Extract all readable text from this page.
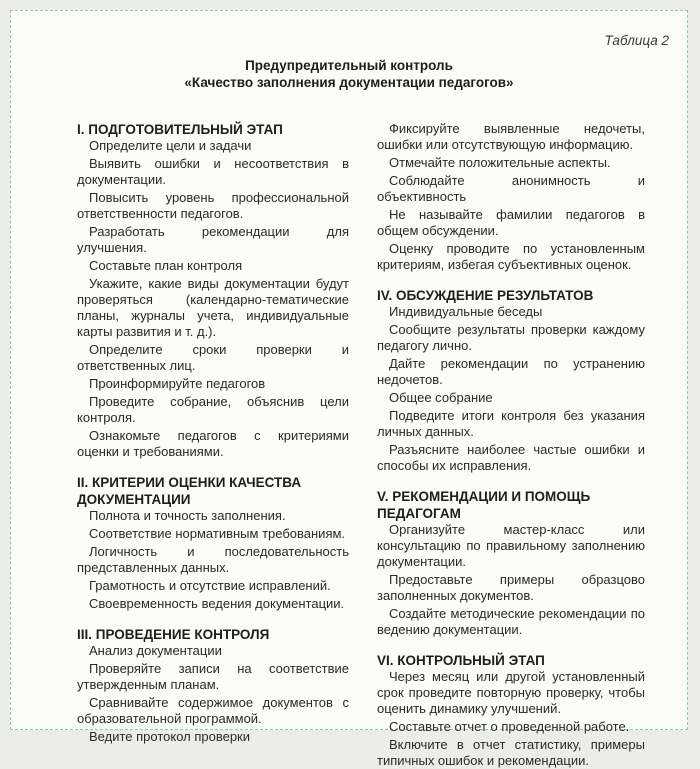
Таблица 2
Предупредительный контроль
«Качество заполнения документации педагогов»
I. ПОДГОТОВИТЕЛЬНЫЙ ЭТАП

Определите цели и задачи

Выявить ошибки и несоответствия в документации.

Повысить уровень профессиональной ответственности педагогов.

Разработать рекомендации для улучшения.

Составьте план контроля

Укажите, какие виды документации будут проверяться (календарно-тематические планы, журналы учета, индивидуальные карты развития и т. д.).

Определите сроки проверки и ответственных лиц.

Проинформируйте педагогов

Проведите собрание, объяснив цели контроля.

Ознакомьте педагогов с критериями оценки и требованиями.

II. КРИТЕРИИ ОЦЕНКИ КАЧЕСТВА ДОКУМЕНТАЦИИ

Полнота и точность заполнения.

Соответствие нормативным требованиям.

Логичность и последовательность представленных данных.

Грамотность и отсутствие исправлений.

Своевременность ведения документации.

III. ПРОВЕДЕНИЕ КОНТРОЛЯ

Анализ документации

Проверяйте записи на соответствие утвержденным планам.

Сравнивайте содержимое документов с образовательной программой.

Ведите протокол проверки

Фиксируйте выявленные недочеты, ошибки или отсутствующую информацию.

Отмечайте положительные аспекты.

Соблюдайте анонимность и объективность

Не называйте фамилии педагогов в общем обсуждении.

Оценку проводите по установленным критериям, избегая субъективных оценок.

IV. ОБСУЖДЕНИЕ РЕЗУЛЬТАТОВ

Индивидуальные беседы

Сообщите результаты проверки каждому педагогу лично.

Дайте рекомендации по устранению недочетов.

Общее собрание

Подведите итоги контроля без указания личных данных.

Разъясните наиболее частые ошибки и способы их исправления.

V. РЕКОМЕНДАЦИИ И ПОМОЩЬ ПЕДАГОГАМ

Организуйте мастер-класс или консультацию по правильному заполнению документации.

Предоставьте примеры образцово заполненных документов.

Создайте методические рекомендации по ведению документации.

VI. КОНТРОЛЬНЫЙ ЭТАП

Через месяц или другой установленный срок проведите повторную проверку, чтобы оценить динамику улучшений.

Составьте отчет о проведенной работе.

Включите в отчет статистику, примеры типичных ошибок и рекомендации.
